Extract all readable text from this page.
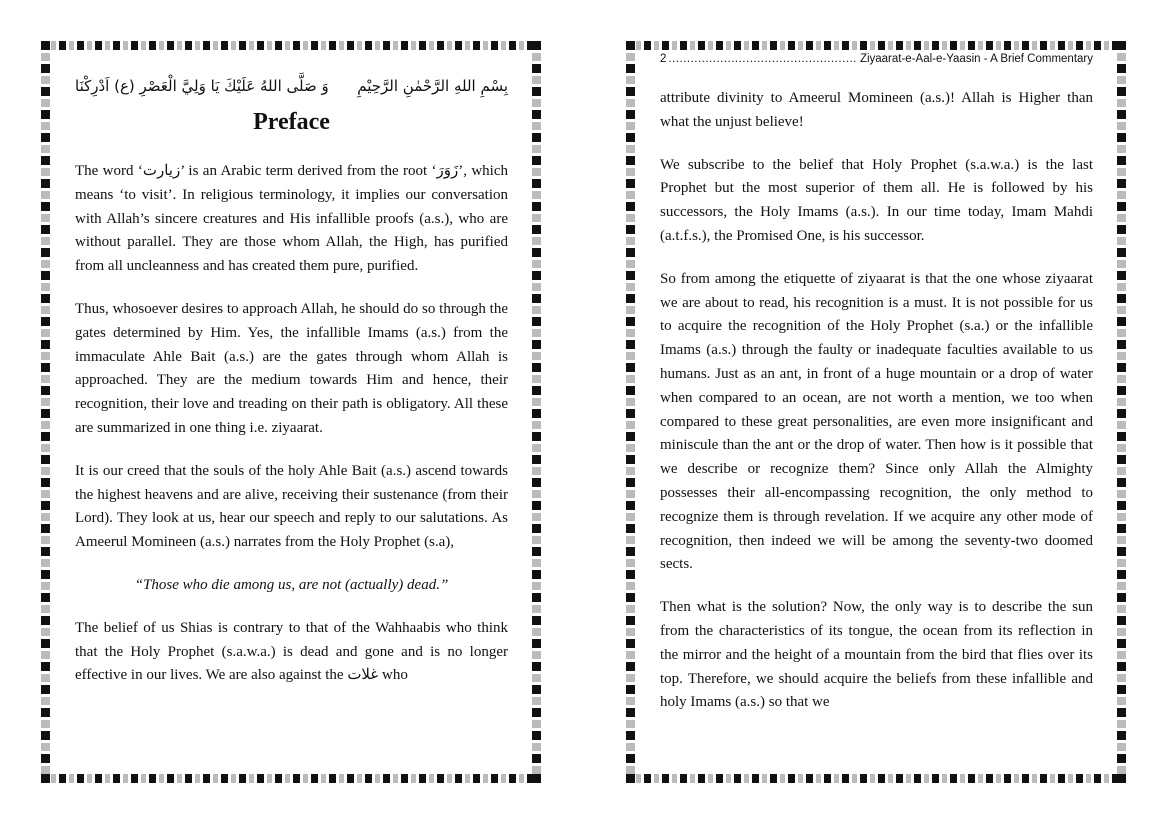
وَ صَلَّى اللهُ عَلَيْكَ يَا وَلِيَّ الْعَصْرِ (ع) اَدْرِكْنَا بِسْمِ اللهِ الرَّحْمٰنِ الرَّحِيْمِ
Preface

The word ‘زیارت’ is an Arabic term derived from the root ‘زَوَرَ’, which means ‘to visit’. In religious terminology, it implies our conversation with Allah’s sincere creatures and His infallible proofs (a.s.), who are without parallel. They are those whom Allah, the High, has purified from all uncleanness and has created them pure, purified.

Thus, whosoever desires to approach Allah, he should do so through the gates determined by Him. Yes, the infallible Imams (a.s.) from the immaculate Ahle Bait (a.s.) are the gates through whom Allah is approached. They are the medium towards Him and hence, their recognition, their love and treading on their path is obligatory. All these are summarized in one thing i.e. ziyaarat.

It is our creed that the souls of the holy Ahle Bait (a.s.) ascend towards the highest heavens and are alive, receiving their sustenance (from their Lord). They look at us, hear our speech and reply to our salutations. As Ameerul Momineen (a.s.) narrates from the Holy Prophet (s.a),

“Those who die among us, are not (actually) dead.”

The belief of us Shias is contrary to that of the Wahhaabis who think that the Holy Prophet (s.a.w.a.) is dead and gone and is no longer effective in our lives. We are also against the غلات who

2
.....	Ziyaarat-e-Aal-e-Yaasin - A Brief Commentary

attribute divinity to Ameerul Momineen (a.s.)! Allah is Higher than what the unjust believe!

We subscribe to the belief that Holy Prophet (s.a.w.a.) is the last Prophet but the most superior of them all. He is followed by his successors, the Holy Imams (a.s.). In our time today, Imam Mahdi (a.t.f.s.), the Promised One, is his successor.

So from among the etiquette of ziyaarat is that the one whose ziyaarat we are about to read, his recognition is a must. It is not possible for us to acquire the recognition of the Holy Prophet (s.a.) or the infallible Imams (a.s.) through the faulty or inadequate faculties available to us humans. Just as an ant, in front of a huge mountain or a drop of water when compared to an ocean, are not worth a mention, we too when compared to these great personalities, are even more insignificant and miniscule than the ant or the drop of water. Then how is it possible that we describe or recognize them? Since only Allah the Almighty possesses their all-encompassing recognition, the only method to recognize them is through revelation. If we acquire any other mode of recognition, then indeed we will be among the seventy-two doomed sects.

Then what is the solution? Now, the only way is to describe the sun from the characteristics of its tongue, the ocean from its reflection in the mirror and the height of a mountain from the bird that flies over its top. Therefore, we should acquire the beliefs from these infallible and holy Imams (a.s.) so that we
